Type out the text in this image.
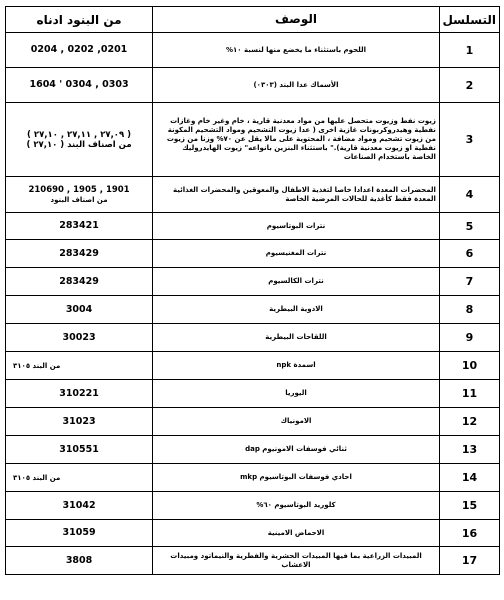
التسلسل	الوصف	من البنود ادناه
1	اللحوم باستثناء ما يخضع منها لنسبة ١٠%	0201, 0202 , 0204
2	الأسماك عدا البند (٠٣٠٣)	0303 , 0304 ' 1604
3	زيوت نفط وزيوت متحصل عليها من مواد معدنية قارية ، خام وغير خام وغازات نفطية وهيدروكربونات غازية اخرى ( عدا زيوت التشحيم ومواد التشحيم المكونة من زيوت تشحيم ومواد مضافة ، المحتوية على مالا يقل عن ٧٠% وزنا من زيوت نفطية او زيوت معدنية قارية)." باستثناء البنزين بانواعه" زيوت الهايدروليك الخاصة باستخدام الصناعات	( ٢٧,٠٩ , ٢٧,١١ , ٢٧,١٠ )
من اصناف البند ( ٢٧,١٠ )

4	المحضرات المعدة اعدادا خاصا لتغذية الاطفال والمعوقين والمحضرات الغذائية المعدة فقط كأغذية للحالات المرضية الخاصة	1901 , 1905 , 210690
من اصناف البنود

5	نترات البوتاسيوم	283421
6	نترات المغنيسيوم	283429
7	نترات الكالسيوم	283429
8	الادوية البيطرية	3004
9	اللقاحات البيطرية	30023
10	اسمدة npk	من البند ٣١٠٥

11	اليوريا	310221
12	الامونياك	31023
13	ثنائي فوسفات الامونيوم dap	310551
14	احادي فوسفات البوتاسيوم mkp	من البند ٣١٠٥

15	كلوريد البوتاسيوم ٦٠%	31042
16	الاحماض الامينية	31059
17	المبيدات الزراعية بما فيها المبيدات الحشرية والفطرية والنيماتود ومبيدات الاعشاب	3808
